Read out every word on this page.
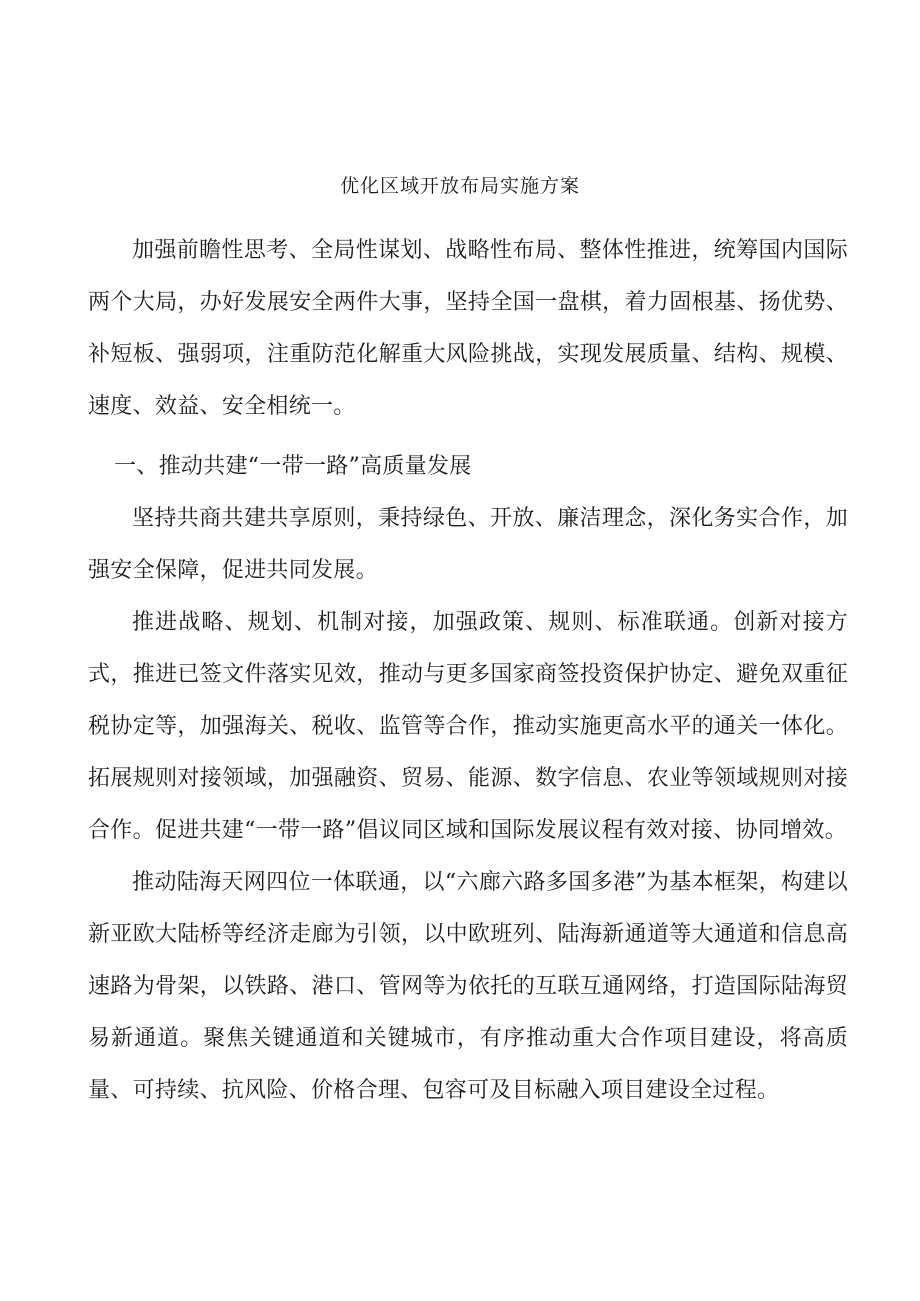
优化区域开放布局实施方案

加强前瞻性思考、全局性谋划、战略性布局、整体性推进，统筹国内国际两个大局，办好发展安全两件大事，坚持全国一盘棋，着力固根基、扬优势、补短板、强弱项，注重防范化解重大风险挑战，实现发展质量、结构、规模、速度、效益、安全相统一。

一、推动共建“一带一路”高质量发展

坚持共商共建共享原则，秉持绿色、开放、廉洁理念，深化务实合作，加强安全保障，促进共同发展。

推进战略、规划、机制对接，加强政策、规则、标准联通。创新对接方式，推进已签文件落实见效，推动与更多国家商签投资保护协定、避免双重征税协定等，加强海关、税收、监管等合作，推动实施更高水平的通关一体化。拓展规则对接领域，加强融资、贸易、能源、数字信息、农业等领域规则对接合作。促进共建“一带一路”倡议同区域和国际发展议程有效对接、协同增效。

推动陆海天网四位一体联通，以“六廊六路多国多港”为基本框架，构建以新亚欧大陆桥等经济走廊为引领，以中欧班列、陆海新通道等大通道和信息高速路为骨架，以铁路、港口、管网等为依托的互联互通网络，打造国际陆海贸易新通道。聚焦关键通道和关键城市，有序推动重大合作项目建设，将高质量、可持续、抗风险、价格合理、包容可及目标融入项目建设全过程。
